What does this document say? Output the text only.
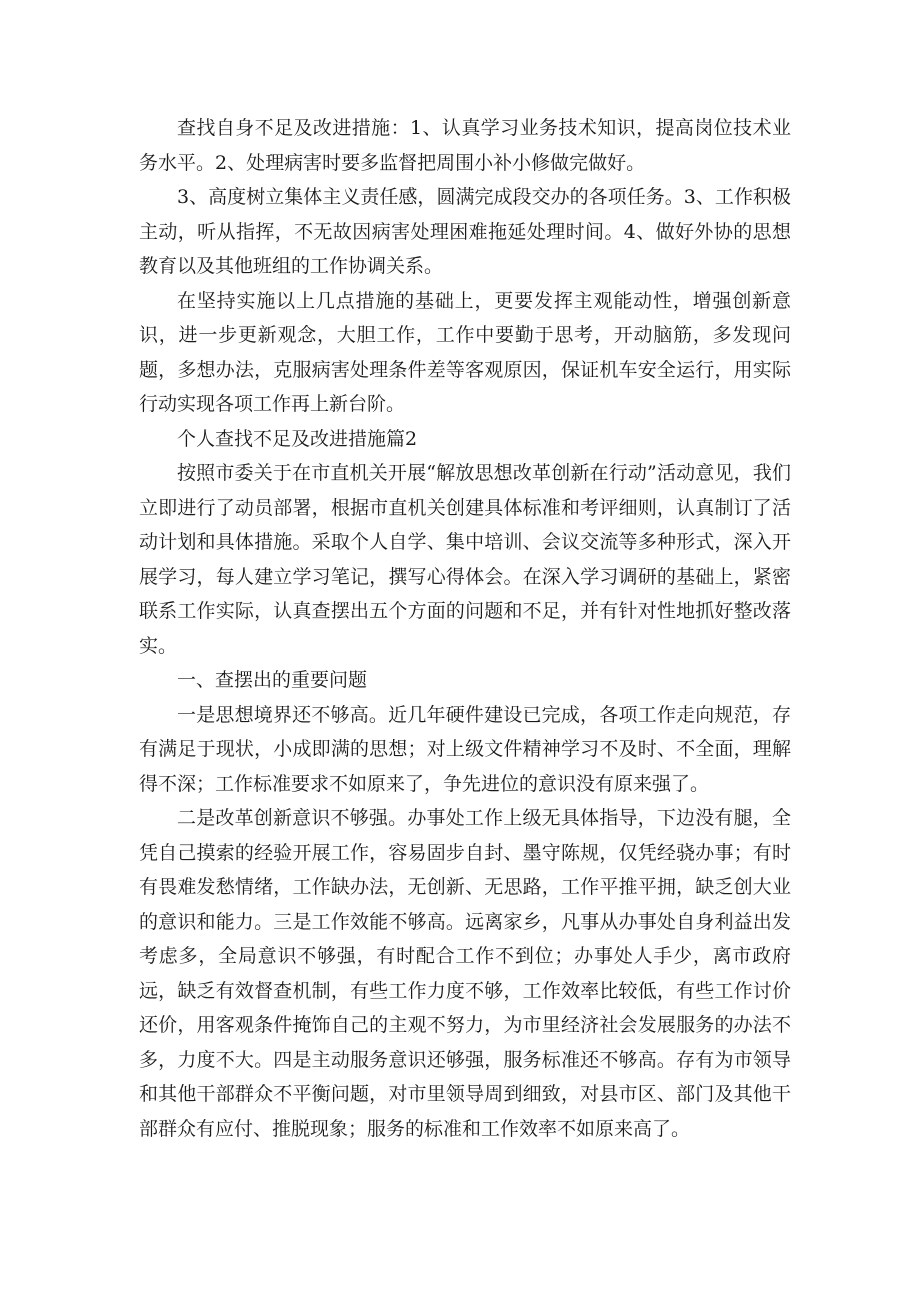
查找自身不足及改进措施：1、认真学习业务技术知识，提高岗位技术业务水平。2、处理病害时要多监督把周围小补小修做完做好。

3、高度树立集体主义责任感，圆满完成段交办的各项任务。3、工作积极主动，听从指挥，不无故因病害处理困难拖延处理时间。4、做好外协的思想教育以及其他班组的工作协调关系。

在坚持实施以上几点措施的基础上，更要发挥主观能动性，增强创新意识，进一步更新观念，大胆工作，工作中要勤于思考，开动脑筋，多发现问题，多想办法，克服病害处理条件差等客观原因，保证机车安全运行，用实际行动实现各项工作再上新台阶。

个人查找不足及改进措施篇2

按照市委关于在市直机关开展“解放思想改革创新在行动”活动意见，我们立即进行了动员部署，根据市直机关创建具体标准和考评细则，认真制订了活动计划和具体措施。采取个人自学、集中培训、会议交流等多种形式，深入开展学习，每人建立学习笔记，撰写心得体会。在深入学习调研的基础上，紧密联系工作实际，认真查摆出五个方面的问题和不足，并有针对性地抓好整改落实。

一、查摆出的重要问题

一是思想境界还不够高。近几年硬件建设已完成，各项工作走向规范，存有满足于现状，小成即满的思想；对上级文件精神学习不及时、不全面，理解得不深；工作标准要求不如原来了，争先进位的意识没有原来强了。

二是改革创新意识不够强。办事处工作上级无具体指导，下边没有腿，全凭自己摸索的经验开展工作，容易固步自封、墨守陈规，仅凭经骁办事；有时有畏难发愁情绪，工作缺办法，无创新、无思路，工作平推平拥，缺乏创大业的意识和能力。三是工作效能不够高。远离家乡，凡事从办事处自身利益出发考虑多，全局意识不够强，有时配合工作不到位；办事处人手少，离市政府远，缺乏有效督查机制，有些工作力度不够，工作效率比较低，有些工作讨价还价，用客观条件掩饰自己的主观不努力，为市里经济社会发展服务的办法不多，力度不大。四是主动服务意识还够强，服务标准还不够高。存有为市领导和其他干部群众不平衡问题，对市里领导周到细致，对县市区、部门及其他干部群众有应付、推脱现象；服务的标准和工作效率不如原来高了。
